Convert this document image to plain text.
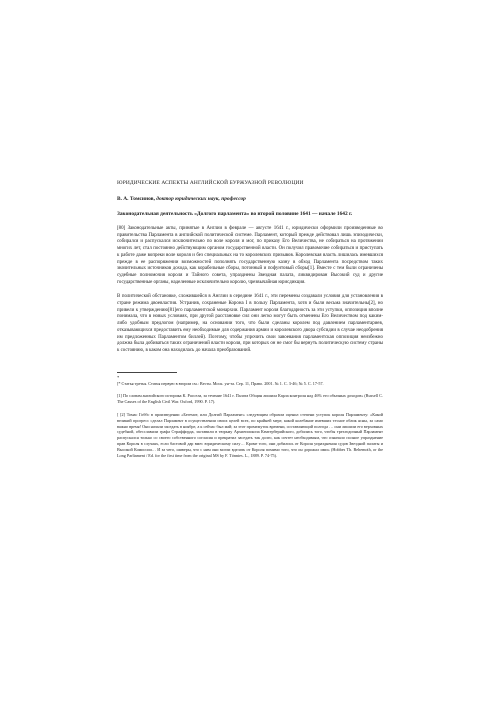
ЮРИДИЧЕСКИЕ АСПЕКТЫ АНГЛИЙСКОЙ БУРЖУАЗНОЙ РЕВОЛЮЦИИ
В. А. Томсинов, доктор юридических наук, профессор
Законодательная деятельность «Долгого парламента» во второй половине 1641 — начале 1642 г.

[80] Законодательные акты, принятые в Англии в феврале — августе 1641 г., юридически оформили произведенные во правительства Парламента в английской политической системе. Парламент, который прежде действовал лишь эпизодически, собирался и распускался исключительно по воле короля и мог, по приказу Его Величества, не собираться на протяжении многих лет, стал постоянно действующим органом государственной власти. Он получил правомочие собираться и приступать к работе даже вопреки воле короля и без специальных на то королевских призывов. Королевская власть лишилась имевшихся прежде в ее распоряжении возможностей пополнять государственную казну в обход Парламента посредством таких значительных источников дохода, как корабельные сборы, потонный и пофунтовый сборы[1]. Вместе с тем были ограничены судебные полномочия короля и Тайного совета, упразднены Звездная палата, ликвидирован Высокий суд и другие государственные органы, наделенные исключительно королю, чрезвычайная юрисдикция.

В политической обстановке, сложившейся в Англии в середине 1641 г., эти перемены создавали условия для установления в стране режима двоевластия. Устранив, сохраненые Корона I в пользу Парламента, хотя и были весьма значительны[2], но привели к утверждению[81]его парламентской монархии. Парламент короля благодарность за эти уступки, оппозиция вполне понимала, что в новых условиях, при другой расстановке сил они легко могут быть отменены Его Величеством под каким-либо удобным предлогом (например, на основании того, что были сделаны королем под давлением парламентариев, отказывающихся предоставить ему необходимые для содержания армии и королевского двора субсидии в случае неодобрения им предложенных Парламентом биллей). Поэтому, чтобы упрочить свои завоевания парламентская оппозиция неизбежно должна была добиваться таких ограничений власти короля, при которых он не смог бы вернуть политическую систему страны к состоянию, в каком она находилась до начала преобразований.

*

[* Статья третья. Статья первую в втором см.: Вестн. Моск. ун-та. Сер. 11, Право. 2001. № 1. С. 3-46; № 5. С. 17-57.

[1] По словам английского историка К. Рассела, за течение 1641 г. Палата Общин лишила Карла контроля над 46% его обычных доходов» (Russell C. The Causes of the English Civil War. Oxford, 1990. P. 17).

[ [2] Томас Гоббс в произведении «Бегемот, или Долгий Парламент» следующим образом оценил степени уступок короля Парламенту: «Какой великий прогресс сделал Парламент в осуществлении своих целей всех, по крайней мере, какой колебание имевших тесное облик ясны, за само важно время! Они начали заседать в ноябре, а к сейчас был май; за этот промежуток времени, составляющий полгода … они лишили его верховных судебной, обесславили графа Страффорда, заставили в тюрьму Архиепископа Кентерберийского, добились того, чтобы трехгодичный Парламент распускался только со своего собственного согласия и прекратил заседать так долго, как сочтет необходимым, что означало полное упразднение прав Короля в случаях, если бастовой дар вмес юридическому силу… Кроме того, они добились от Короля упразднения судов Звездной палаты и Высокой Комиссии… И за чего, шиверы, что с ним они могли вделать от Короля помимо того, что он дорожал ими» (Hobbes Th. Behemoth, or the Long Parliament / Ed. for the first time from the original MS by F. Tönnies. L., 1889. P. 74-75).
